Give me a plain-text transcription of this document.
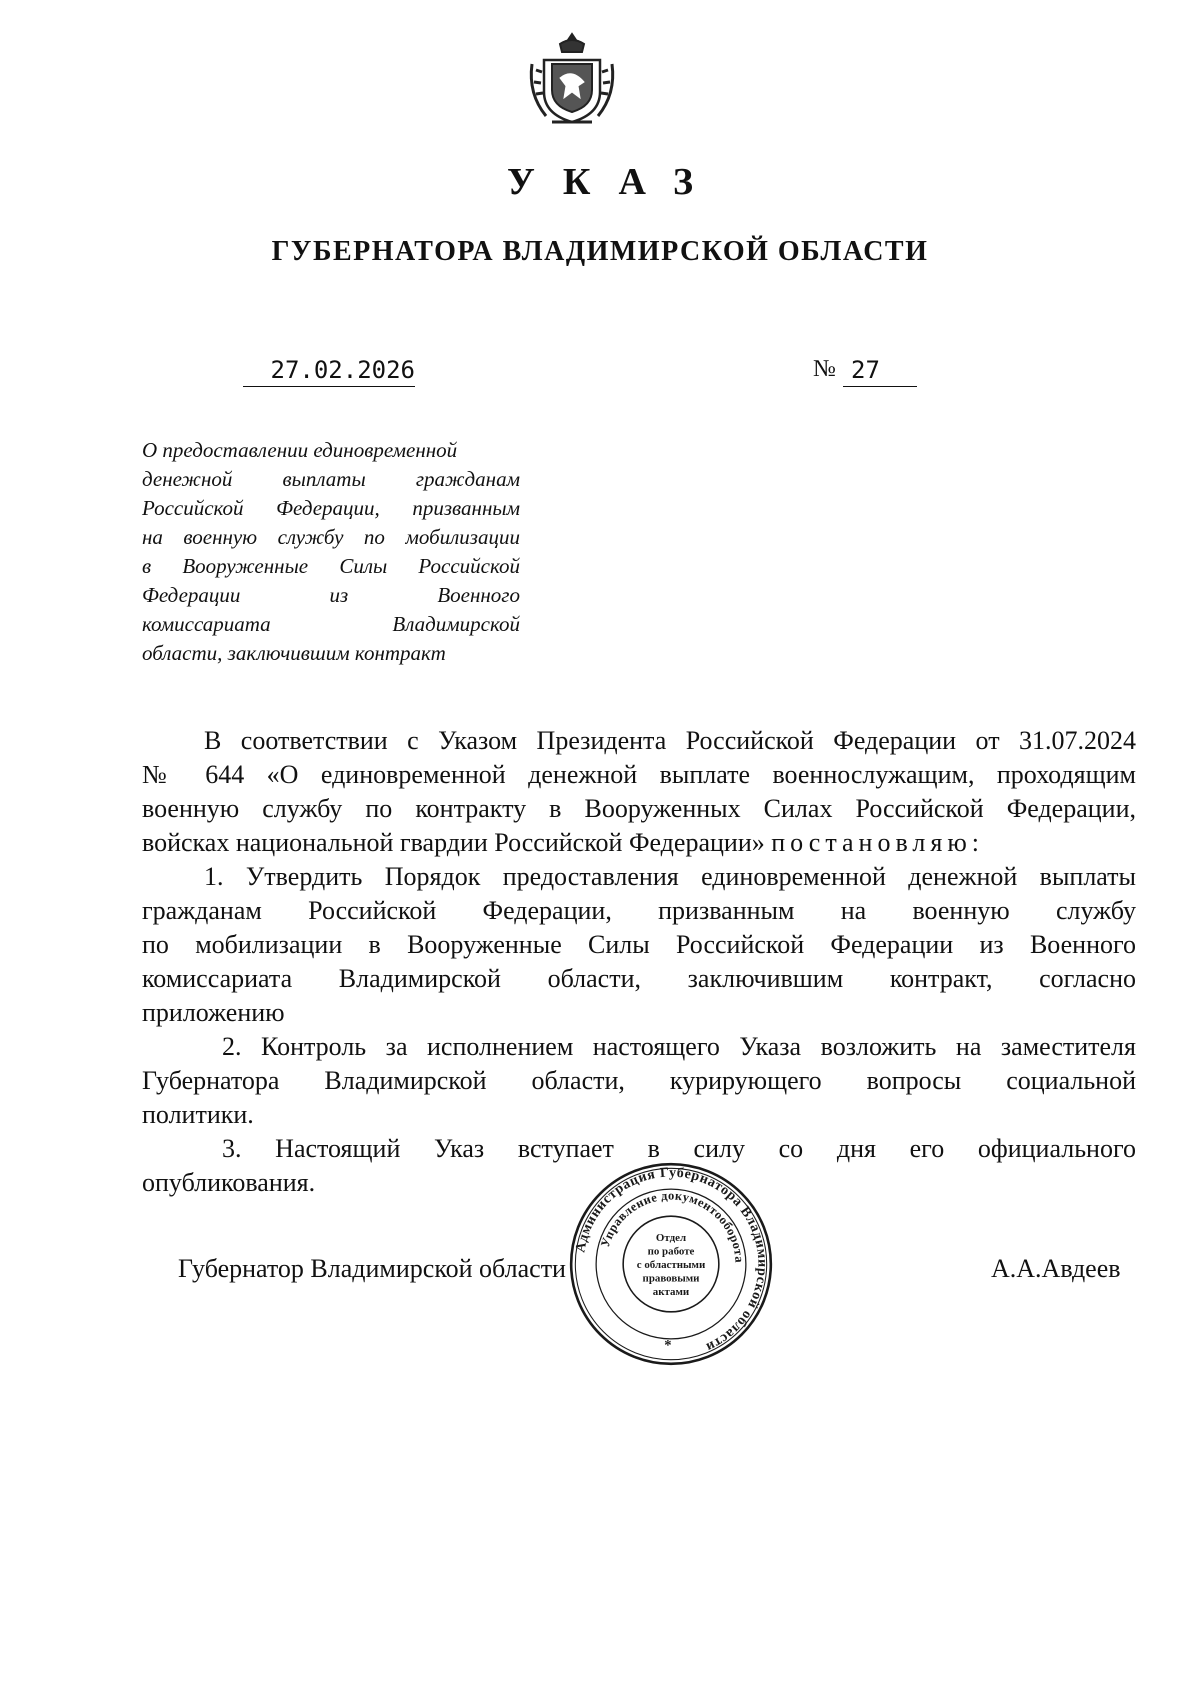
УКАЗ
ГУБЕРНАТОРА ВЛАДИМИРСКОЙ ОБЛАСТИ
27.02.2026	№ 27
О предоставлении единовременной
денежной выплаты гражданам
Российской Федерации, призванным
на военную службу по мобилизации
в Вооруженные Силы Российской
Федерации из Военного
комиссариата Владимирской
области, заключившим контракт
В соответствии с Указом Президента Российской Федерации от 31.07.2024
№ 644 «О единовременной денежной выплате военнослужащим, проходящим
военную службу по контракту в Вооруженных Силах Российской Федерации,
войсках национальной гвардии Российской Федерации» постановляю:
1. Утвердить Порядок предоставления единовременной денежной выплаты
гражданам Российской Федерации, призванным на военную службу
по мобилизации в Вооруженные Силы Российской Федерации из Военного
комиссариата Владимирской области, заключившим контракт, согласно
приложению
2. Контроль за исполнением настоящего Указа возложить на заместителя
Губернатора Владимирской области, курирующего вопросы социальной
политики.
3. Настоящий Указ вступает в силу со дня его официального
опубликования.
Губернатор Владимирской области	А.А.Авдеев
Администрация Губернатора Владимирской области
Управление документооборота
Отдел
по работе
с областными
правовыми
актами
*
